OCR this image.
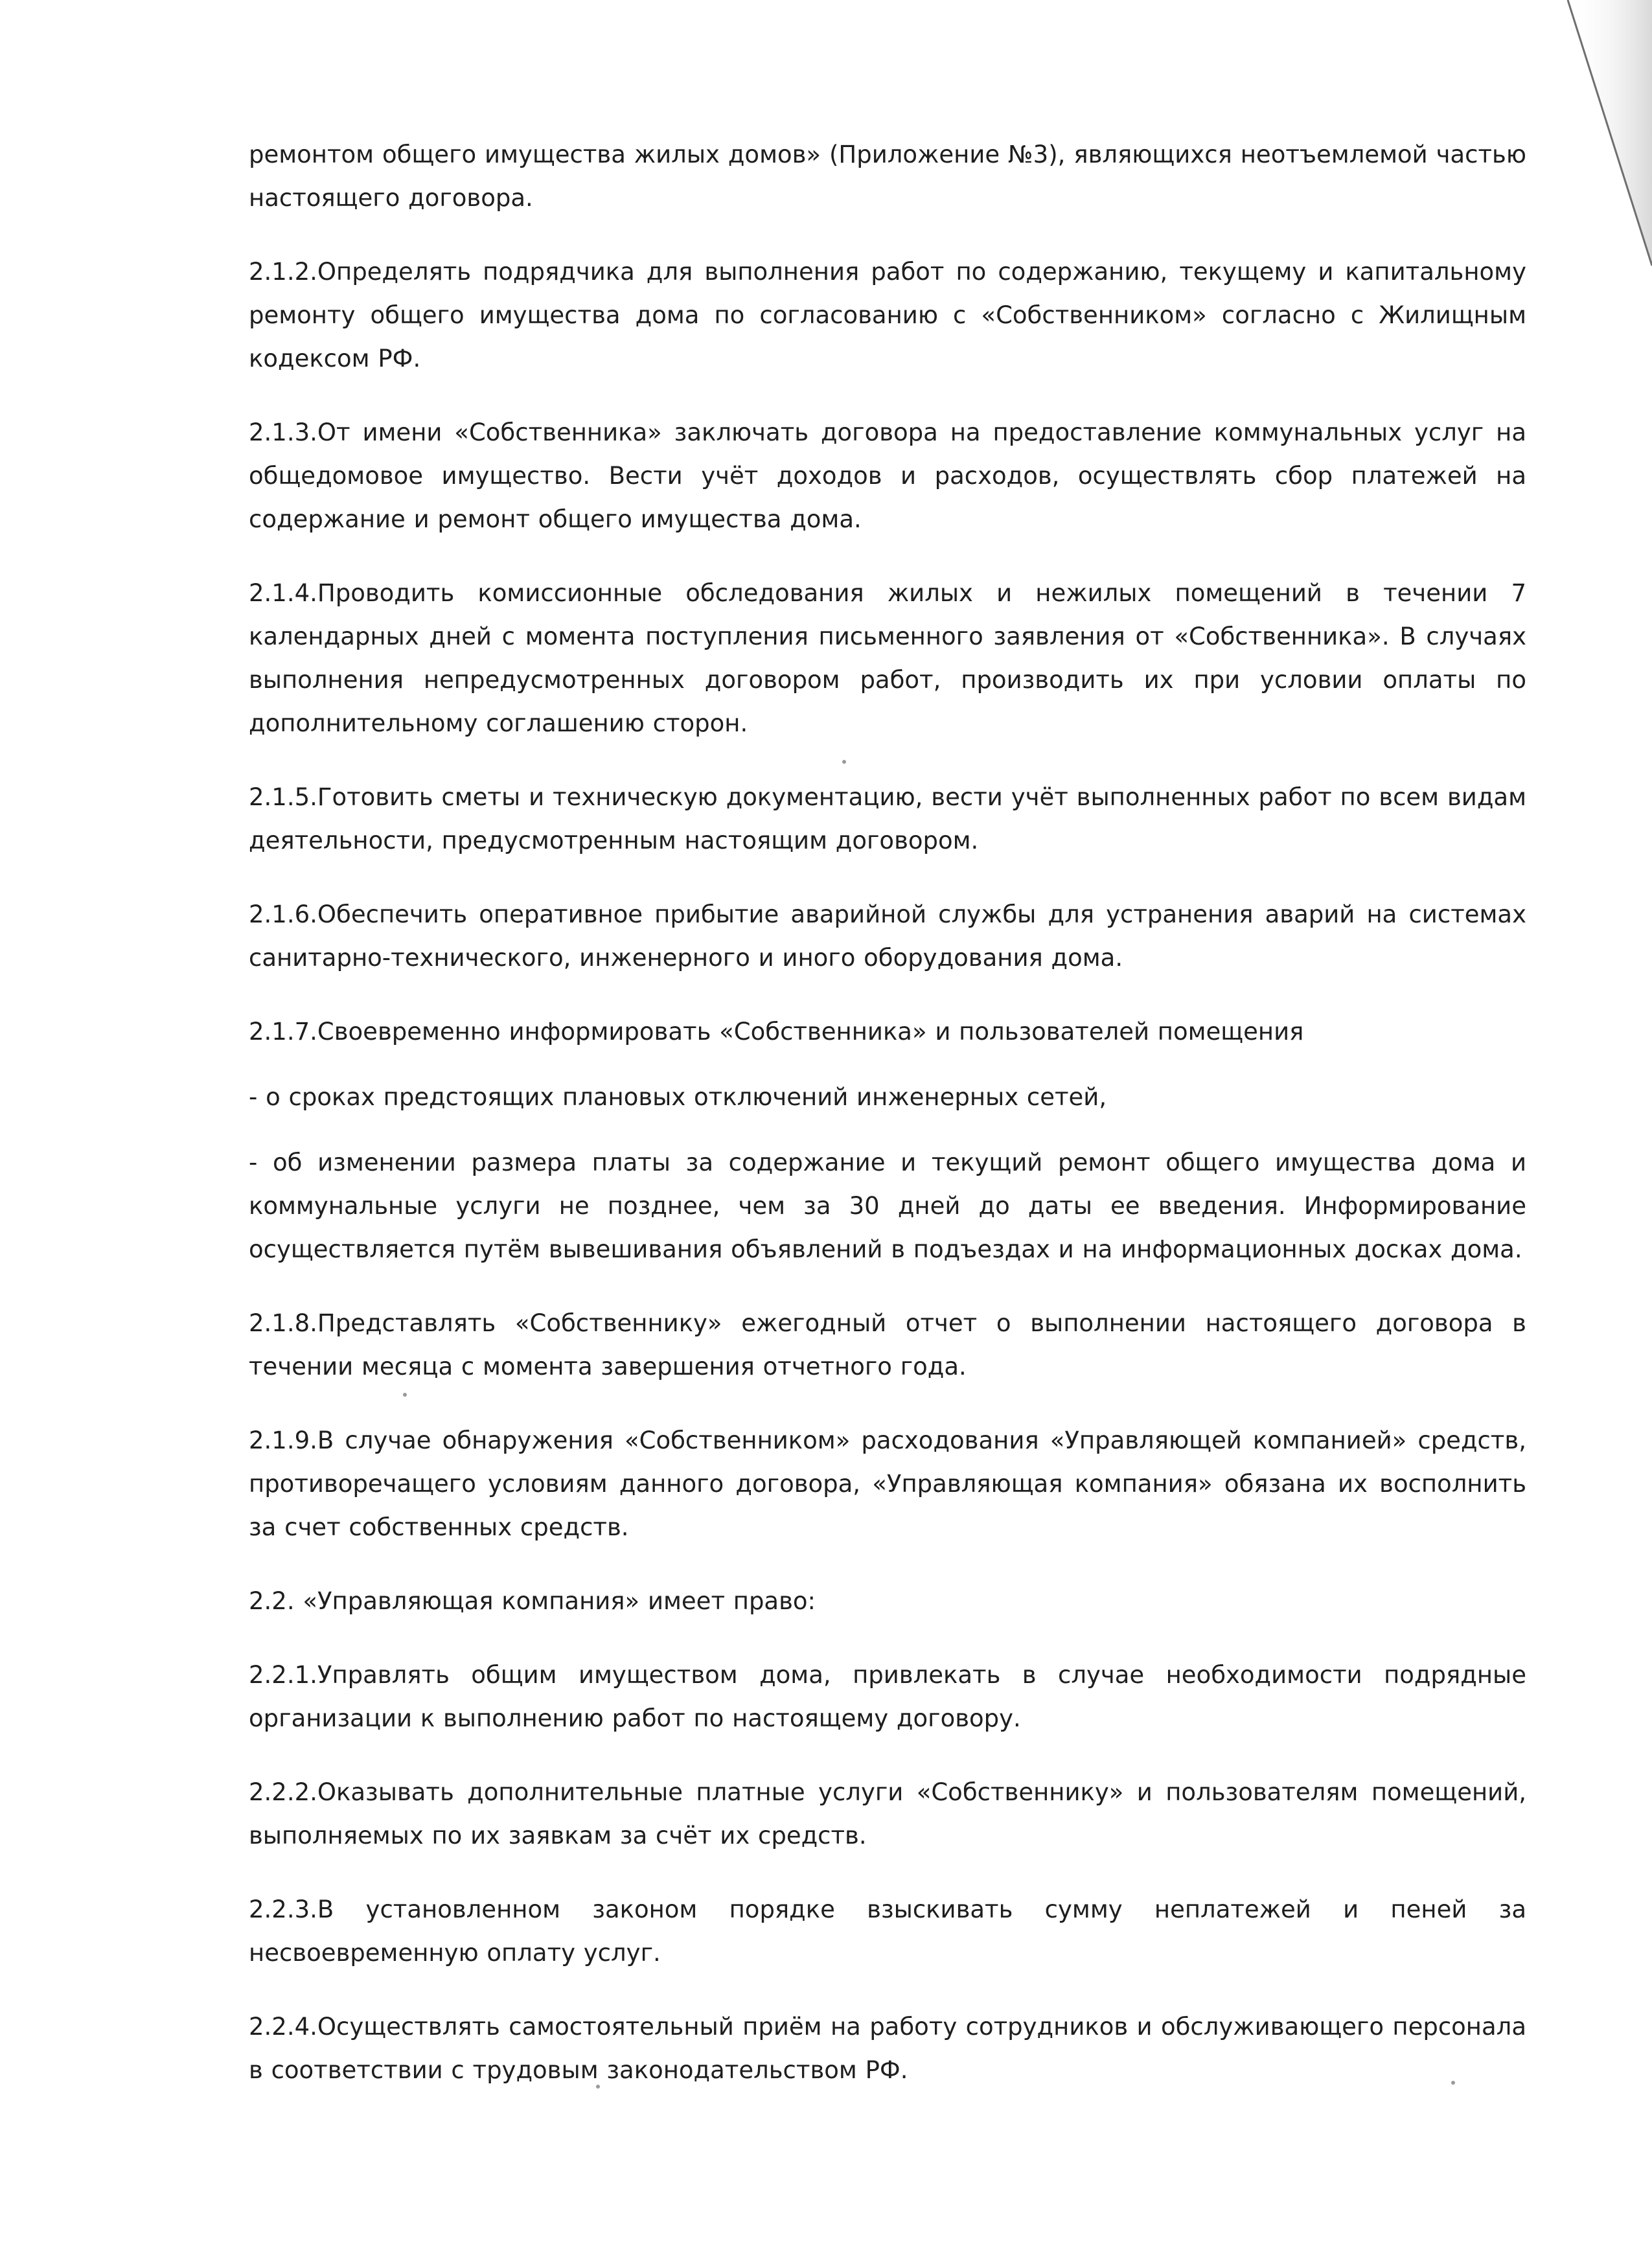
ремонтом общего имущества жилых домов» (Приложение №3), являющихся неотъемлемой частью настоящего договора.

2.1.2.Определять подрядчика для выполнения работ по содержанию, текущему и капитальному ремонту общего имущества дома по согласованию с «Собственником» согласно с Жилищным кодексом РФ.

2.1.3.От имени «Собственника» заключать договора на предоставление коммунальных услуг на общедомовое имущество. Вести учёт доходов и расходов, осуществлять сбор платежей на содержание и ремонт общего имущества дома.

2.1.4.Проводить комиссионные обследования жилых и нежилых помещений в течении 7 календарных дней с момента поступления письменного заявления от «Собственника». В случаях выполнения непредусмотренных договором работ, производить их при условии оплаты по дополнительному соглашению сторон.

2.1.5.Готовить сметы и техническую документацию, вести учёт выполненных работ по всем видам деятельности, предусмотренным настоящим договором.

2.1.6.Обеспечить оперативное прибытие аварийной службы для устранения аварий на системах санитарно-технического, инженерного и иного оборудования дома.

2.1.7.Своевременно информировать «Собственника» и пользователей помещения

- о сроках предстоящих плановых отключений инженерных сетей,

- об изменении размера платы за содержание и текущий ремонт общего имущества дома и коммунальные услуги не позднее, чем за 30 дней до даты ее введения. Информирование осуществляется путём вывешивания объявлений в подъездах и на информационных досках дома.

2.1.8.Представлять «Собственнику» ежегодный отчет о выполнении настоящего договора в течении месяца с момента завершения отчетного года.

2.1.9.В случае обнаружения «Собственником» расходования «Управляющей компанией» средств, противоречащего условиям данного договора, «Управляющая компания» обязана их восполнить за счет собственных средств.

2.2. «Управляющая компания» имеет право:

2.2.1.Управлять общим имуществом дома, привлекать в случае необходимости подрядные организации к выполнению работ по настоящему договору.

2.2.2.Оказывать дополнительные платные услуги «Собственнику» и пользователям помещений, выполняемых по их заявкам за счёт их средств.

2.2.3.В установленном законом порядке взыскивать сумму неплатежей и пеней за несвоевременную оплату услуг.

2.2.4.Осуществлять самостоятельный приём на работу сотрудников и обслуживающего персонала в соответствии с трудовым законодательством РФ.
